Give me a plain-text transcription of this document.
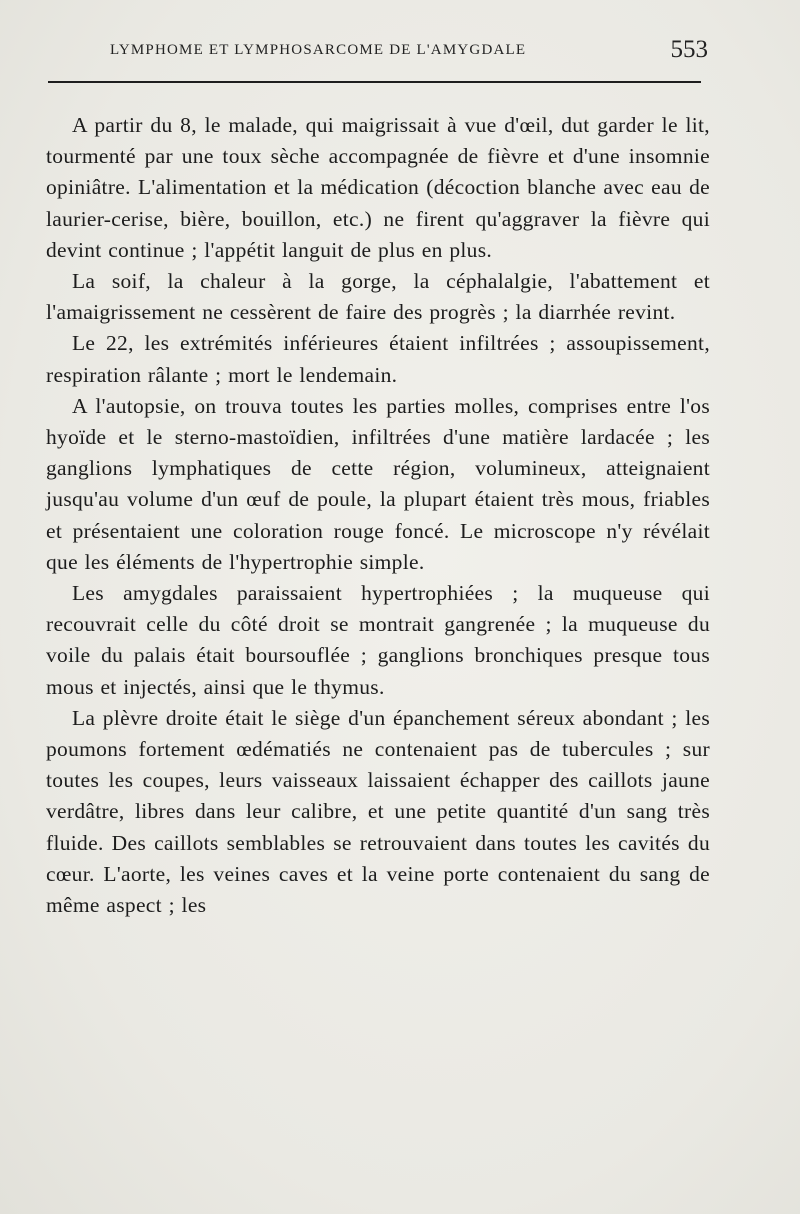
LYMPHOME ET LYMPHOSARCOME DE L'AMYGDALE	553

A partir du 8, le malade, qui maigrissait à vue d'œil, dut garder le lit, tourmenté par une toux sèche accompagnée de fièvre et d'une insomnie opiniâtre. L'alimentation et la médication (décoction blanche avec eau de laurier-cerise, bière, bouillon, etc.) ne firent qu'aggraver la fièvre qui devint continue ; l'appétit languit de plus en plus.

La soif, la chaleur à la gorge, la céphalalgie, l'abattement et l'amaigrissement ne cessèrent de faire des progrès ; la diarrhée revint.

Le 22, les extrémités inférieures étaient infiltrées ; assoupissement, respiration râlante ; mort le lendemain.

A l'autopsie, on trouva toutes les parties molles, comprises entre l'os hyoïde et le sterno-mastoïdien, infiltrées d'une matière lardacée ; les ganglions lymphatiques de cette région, volumineux, atteignaient jusqu'au volume d'un œuf de poule, la plupart étaient très mous, friables et présentaient une coloration rouge foncé. Le microscope n'y révélait que les éléments de l'hypertrophie simple.

Les amygdales paraissaient hypertrophiées ; la muqueuse qui recouvrait celle du côté droit se montrait gangrenée ; la muqueuse du voile du palais était boursouflée ; ganglions bronchiques presque tous mous et injectés, ainsi que le thymus.

La plèvre droite était le siège d'un épanchement séreux abondant ; les poumons fortement œdématiés ne contenaient pas de tubercules ; sur toutes les coupes, leurs vaisseaux laissaient échapper des caillots jaune verdâtre, libres dans leur calibre, et une petite quantité d'un sang très fluide. Des caillots semblables se retrouvaient dans toutes les cavités du cœur. L'aorte, les veines caves et la veine porte contenaient du sang de même aspect ; les
